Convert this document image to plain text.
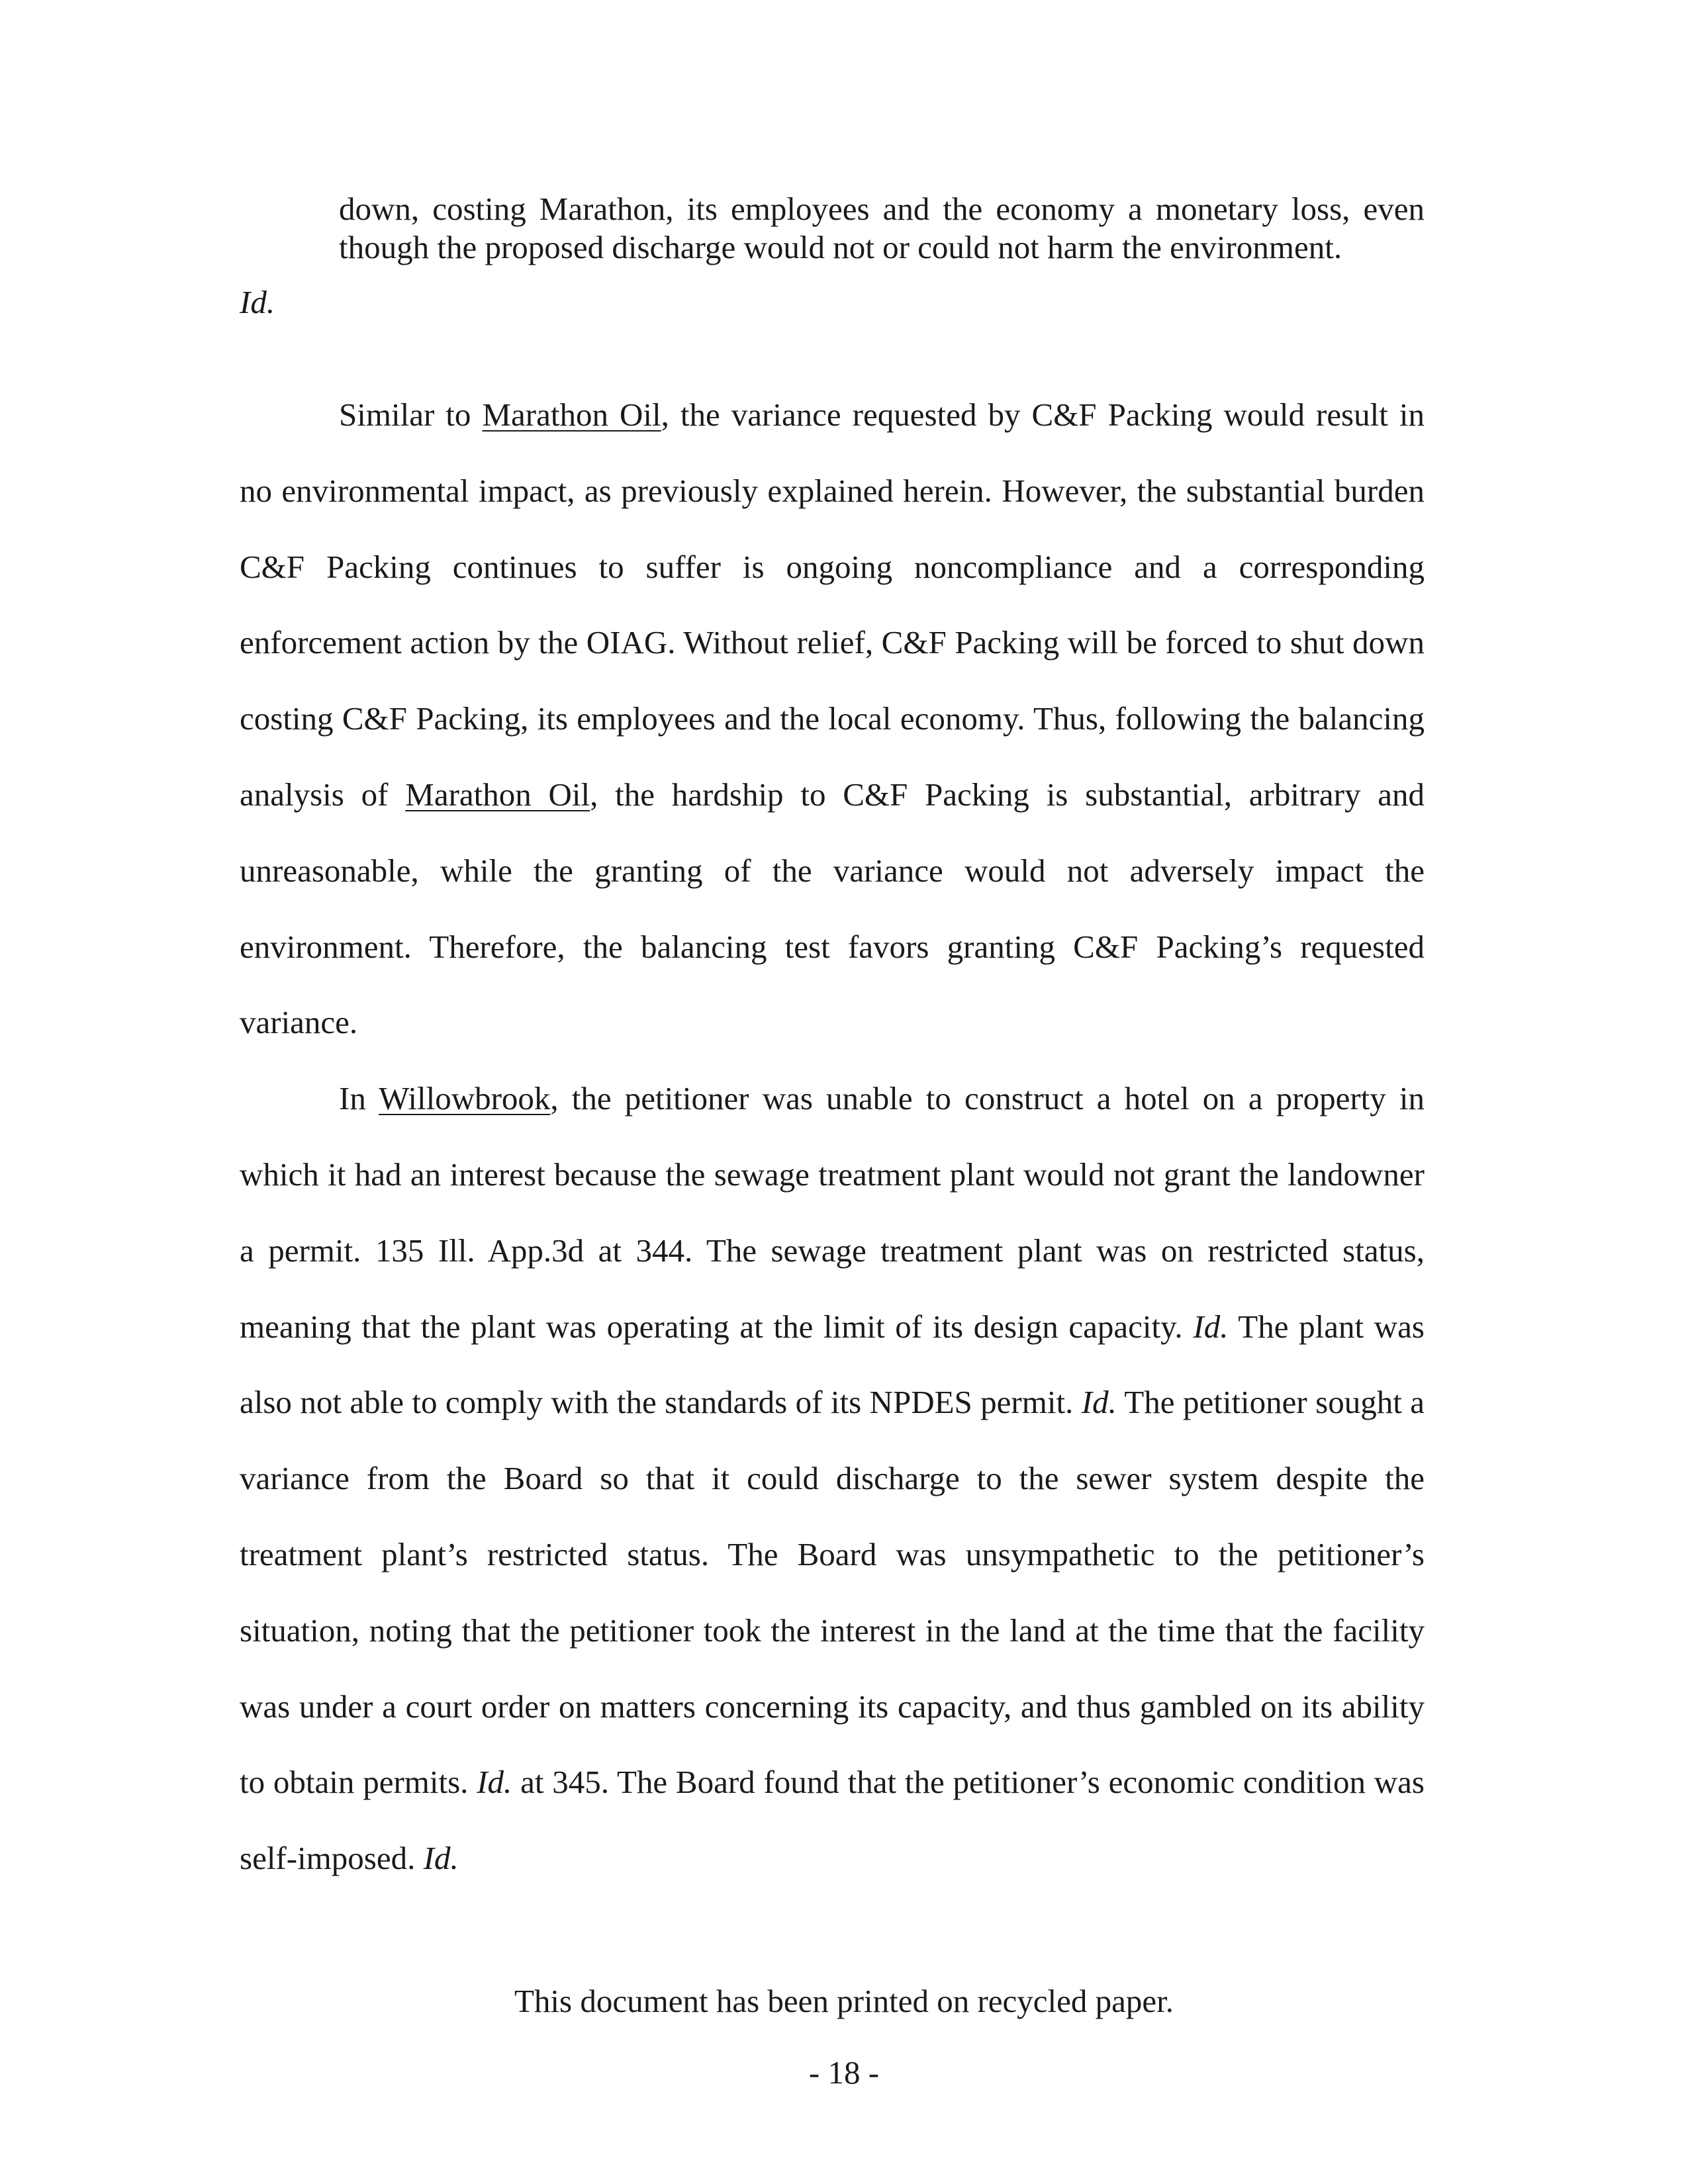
down, costing Marathon, its employees and the economy a monetary loss, even though the proposed discharge would not or could not harm the environment.
Id.

Similar to Marathon Oil, the variance requested by C&F Packing would result in no environmental impact, as previously explained herein. However, the substantial burden C&F Packing continues to suffer is ongoing noncompliance and a corresponding enforcement action by the OIAG. Without relief, C&F Packing will be forced to shut down costing C&F Packing, its employees and the local economy. Thus, following the balancing analysis of Marathon Oil, the hardship to C&F Packing is substantial, arbitrary and unreasonable, while the granting of the variance would not adversely impact the environment. Therefore, the balancing test favors granting C&F Packing’s requested variance.

In Willowbrook, the petitioner was unable to construct a hotel on a property in which it had an interest because the sewage treatment plant would not grant the landowner a permit. 135 Ill. App.3d at 344. The sewage treatment plant was on restricted status, meaning that the plant was operating at the limit of its design capacity. Id. The plant was also not able to comply with the standards of its NPDES permit. Id. The petitioner sought a variance from the Board so that it could discharge to the sewer system despite the treatment plant’s restricted status. The Board was unsympathetic to the petitioner’s situation, noting that the petitioner took the interest in the land at the time that the facility was under a court order on matters concerning its capacity, and thus gambled on its ability to obtain permits. Id. at 345. The Board found that the petitioner’s economic condition was self-imposed. Id.

This document has been printed on recycled paper.
- 18 -
